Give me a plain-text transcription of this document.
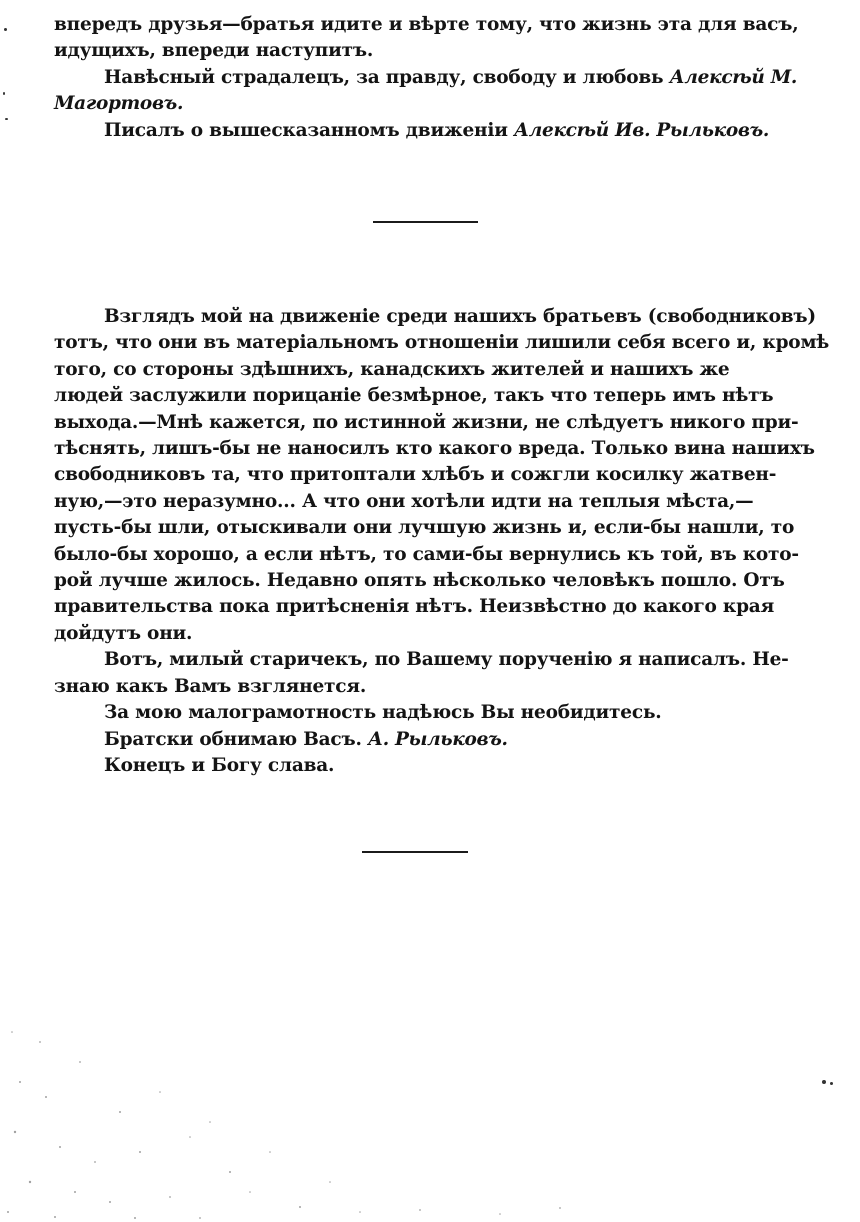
впередъ друзья—братья идите и вѣрте тому, что жизнь эта для васъ,
идущихъ, впереди наступитъ.
Навѣсный страдалецъ, за правду, свободу и любовь Алексѣй М.
Магортовъ.
Писалъ о вышесказанномъ движеніи Алексѣй Ив. Рыльковъ.
Взглядъ мой на движеніе среди нашихъ братьевъ (свободниковъ)
тотъ, что они въ матеріальномъ отношеніи лишили себя всего и, кромѣ
того, со стороны здѣшнихъ, канадскихъ жителей и нашихъ же
людей заслужили порицаніе безмѣрное, такъ что теперь имъ нѣтъ
выхода.—Мнѣ кажется, по истинной жизни, не слѣдуетъ никого при-
тѣснять, лишъ-бы не наносилъ кто какого вреда. Только вина нашихъ
свободниковъ та, что притоптали хлѣбъ и сожгли косилку жатвен-
ную,—это неразумно... А что они хотѣли идти на теплыя мѣста,—
пусть-бы шли, отыскивали они лучшую жизнь и, если-бы нашли, то
было-бы хорошо, а если нѣтъ, то сами-бы вернулись къ той, въ кото-
рой лучше жилось. Недавно опять нѣсколько человѣкъ пошло. Отъ
правительства пока притѣсненія нѣтъ. Неизвѣстно до какого края
дойдутъ они.
Вотъ, милый старичекъ, по Вашему порученію я написалъ. Не-
знаю какъ Вамъ взглянется.
За мою малограмотность надѣюсь Вы необидитесь.
Братски обнимаю Васъ. А. Рыльковъ.
Конецъ и Богу слава.
